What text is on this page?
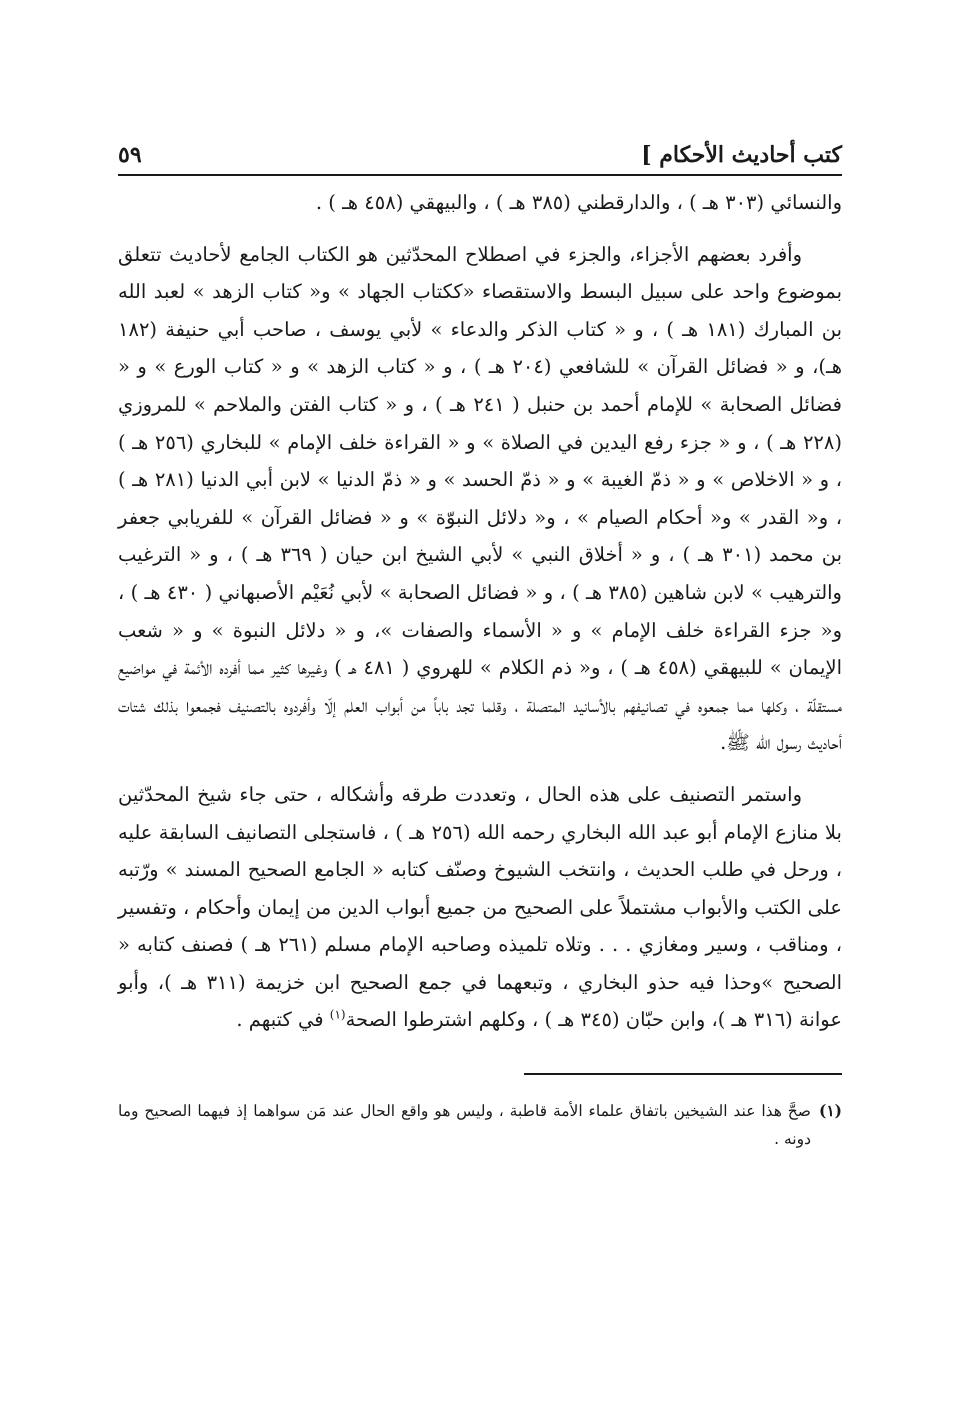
كتب أحاديث الأحكام ]
٥٩

والنسائي (٣٠٣ هـ ) ، والدارقطني (٣٨٥ هـ ) ، والبيهقي (٤٥٨ هـ ) .

وأفرد بعضهم الأجزاء، والجزء في اصطلاح المحدّثين هو الكتاب الجامع لأحاديث تتعلق بموضوع واحد على سبيل البسط والاستقصاء «ككتاب الجهاد » و« كتاب الزهد » لعبد الله بن المبارك (١٨١ هـ ) ، و « كتاب الذكر والدعاء » لأبي يوسف ، صاحب أبي حنيفة (١٨٢ هـ)، و « فضائل القرآن » للشافعي (٢٠٤ هـ ) ، و « كتاب الزهد » و « كتاب الورع » و « فضائل الصحابة » للإمام أحمد بن حنبل ( ٢٤١ هـ ) ، و « كتاب الفتن والملاحم » للمروزي (٢٢٨ هـ ) ، و « جزء رفع اليدين في الصلاة » و « القراءة خلف الإمام » للبخاري (٢٥٦ هـ ) ، و « الاخلاص » و « ذمّ الغيبة » و « ذمّ الحسد » و « ذمّ الدنيا » لابن أبي الدنيا (٢٨١ هـ ) ، و« القدر » و« أحكام الصيام » ، و« دلائل النبوّة » و « فضائل القرآن » للفريابي جعفر بن محمد (٣٠١ هـ ) ، و « أخلاق النبي » لأبي الشيخ ابن حيان ( ٣٦٩ هـ ) ، و « الترغيب والترهيب » لابن شاهين (٣٨٥ هـ ) ، و « فضائل الصحابة » لأبي نُعَيْم الأصبهاني ( ٤٣٠ هـ ) ، و« جزء القراءة خلف الإمام » و « الأسماء والصفات »، و « دلائل النبوة » و « شعب الإيمان » للبيهقي (٤٥٨ هـ ) ، و« ذم الكلام » للهروي ( ٤٨١ هـ ) وغيرها كثير مما أفرده الأئمة في مواضيع مستقلّة ، وكلها مما جمعوه في تصانيفهم بالأسانيد المتصلة ، وقلما تجد باباً من أبواب العلم إلّا وأفردوه بالتصنيف فجمعوا بذلك شتات أحاديث رسول الله ﷺ.

واستمر التصنيف على هذه الحال ، وتعددت طرقه وأشكاله ، حتى جاء شيخ المحدّثين بلا منازع الإمام أبو عبد الله البخاري رحمه الله (٢٥٦ هـ ) ، فاستجلى التصانيف السابقة عليه ، ورحل في طلب الحديث ، وانتخب الشيوخ وصنّف كتابه « الجامع الصحيح المسند » ورّتبه على الكتب والأبواب مشتملاً على الصحيح من جميع أبواب الدين من إيمان وأحكام ، وتفسير ، ومناقب ، وسير ومغازي . . . وتلاه تلميذه وصاحبه الإمام مسلم (٢٦١ هـ ) فصنف كتابه « الصحيح »وحذا فيه حذو البخاري ، وتبعهما في جمع الصحيح ابن خزيمة (٣١١ هـ )، وأبو عوانة (٣١٦ هـ )، وابن حبّان (٣٤٥ هـ ) ، وكلهم اشترطوا الصحة$^{(١)}$ في كتبهم .

(١)
صحَّ هذا عند الشيخين باتفاق علماء الأمة قاطبة ، وليس هو واقع الحال عند مَن سواهما إذ فيهما الصحيح وما دونه .
